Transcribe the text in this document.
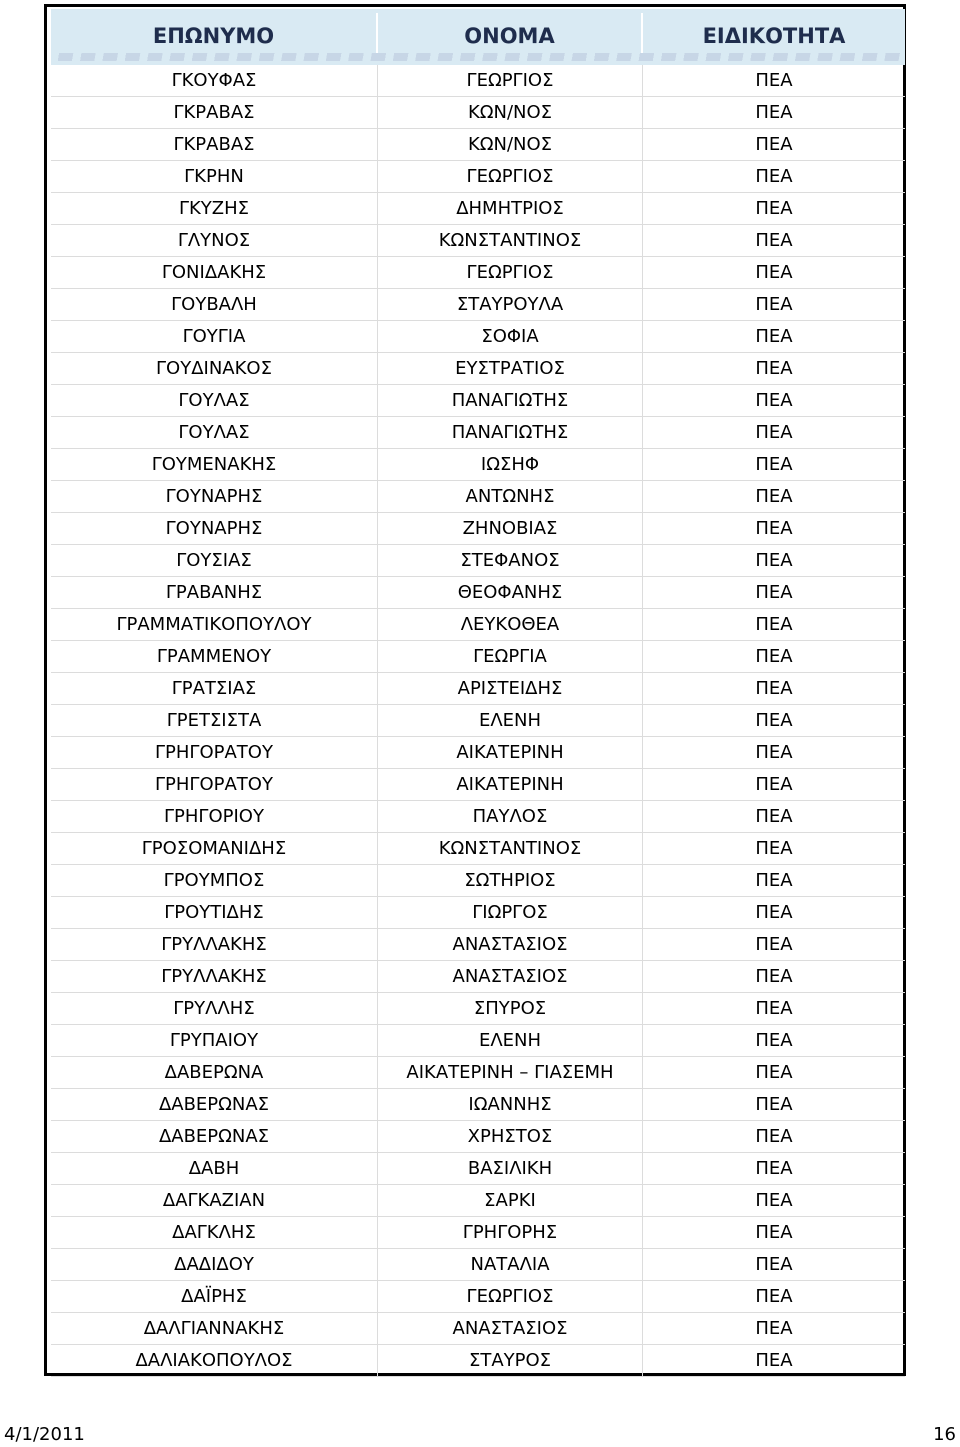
ΕΠΩΝΥΜΟ	ΟΝΟΜΑ	ΕΙΔΙΚΟΤΗΤΑ
ΓΚΟΥΦΑΣ	ΓΕΩΡΓΙΟΣ	ΠΕΑ
ΓΚΡΑΒΑΣ	ΚΩΝ/ΝΟΣ	ΠΕΑ
ΓΚΡΑΒΑΣ	ΚΩΝ/ΝΟΣ	ΠΕΑ
ΓΚΡΗΝ	ΓΕΩΡΓΙΟΣ	ΠΕΑ
ΓΚΥΖΗΣ	ΔΗΜΗΤΡΙΟΣ	ΠΕΑ
ΓΛΥΝΟΣ	ΚΩΝΣΤΑΝΤΙΝΟΣ	ΠΕΑ
ΓΟΝΙΔΑΚΗΣ	ΓΕΩΡΓΙΟΣ	ΠΕΑ
ΓΟΥΒΑΛΗ	ΣΤΑΥΡΟΥΛΑ	ΠΕΑ
ΓΟΥΓΙΑ	ΣΟΦΙΑ	ΠΕΑ
ΓΟΥΔΙΝΑΚΟΣ	ΕΥΣΤΡΑΤΙΟΣ	ΠΕΑ
ΓΟΥΛΑΣ	ΠΑΝΑΓΙΩΤΗΣ	ΠΕΑ
ΓΟΥΛΑΣ	ΠΑΝΑΓΙΩΤΗΣ	ΠΕΑ
ΓΟΥΜΕΝΑΚΗΣ	ΙΩΣΗΦ	ΠΕΑ
ΓΟΥΝΑΡΗΣ	ΑΝΤΩΝΗΣ	ΠΕΑ
ΓΟΥΝΑΡΗΣ	ΖΗΝΟΒΙΑΣ	ΠΕΑ
ΓΟΥΣΙΑΣ	ΣΤΕΦΑΝΟΣ	ΠΕΑ
ΓΡΑΒΑΝΗΣ	ΘΕΟΦΑΝΗΣ	ΠΕΑ
ΓΡΑΜΜΑΤΙΚΟΠΟΥΛΟΥ	ΛΕΥΚΟΘΕΑ	ΠΕΑ
ΓΡΑΜΜΕΝΟΥ	ΓΕΩΡΓΙΑ	ΠΕΑ
ΓΡΑΤΣΙΑΣ	ΑΡΙΣΤΕΙΔΗΣ	ΠΕΑ
ΓΡΕΤΣΙΣΤΑ	ΕΛΕΝΗ	ΠΕΑ
ΓΡΗΓΟΡΑΤΟΥ	ΑΙΚΑΤΕΡΙΝΗ	ΠΕΑ
ΓΡΗΓΟΡΑΤΟΥ	ΑΙΚΑΤΕΡΙΝΗ	ΠΕΑ
ΓΡΗΓΟΡΙΟΥ	ΠΑΥΛΟΣ	ΠΕΑ
ΓΡΟΣΟΜΑΝΙΔΗΣ	ΚΩΝΣΤΑΝΤΙΝΟΣ	ΠΕΑ
ΓΡΟΥΜΠΟΣ	ΣΩΤΗΡΙΟΣ	ΠΕΑ
ΓΡΟΥΤΙΔΗΣ	ΓΙΩΡΓΟΣ	ΠΕΑ
ΓΡΥΛΛΑΚΗΣ	ΑΝΑΣΤΑΣΙΟΣ	ΠΕΑ
ΓΡΥΛΛΑΚΗΣ	ΑΝΑΣΤΑΣΙΟΣ	ΠΕΑ
ΓΡΥΛΛΗΣ	ΣΠΥΡΟΣ	ΠΕΑ
ΓΡΥΠΑΙΟΥ	ΕΛΕΝΗ	ΠΕΑ
ΔΑΒΕΡΩΝΑ	ΑΙΚΑΤΕΡΙΝΗ – ΓΙΑΣΕΜΗ	ΠΕΑ
ΔΑΒΕΡΩΝΑΣ	ΙΩΑΝΝΗΣ	ΠΕΑ
ΔΑΒΕΡΩΝΑΣ	ΧΡΗΣΤΟΣ	ΠΕΑ
ΔΑΒΗ	ΒΑΣΙΛΙΚΗ	ΠΕΑ
ΔΑΓΚΑΖΙΑΝ	ΣΑΡΚΙ	ΠΕΑ
ΔΑΓΚΛΗΣ	ΓΡΗΓΟΡΗΣ	ΠΕΑ
ΔΑΔΙΔΟΥ	ΝΑΤΑΛΙΑ	ΠΕΑ
ΔΑΪΡΗΣ	ΓΕΩΡΓΙΟΣ	ΠΕΑ
ΔΑΛΓΙΑΝΝΑΚΗΣ	ΑΝΑΣΤΑΣΙΟΣ	ΠΕΑ
ΔΑΛΙΑΚΟΠΟΥΛΟΣ	ΣΤΑΥΡΟΣ	ΠΕΑ
4/1/2011	16
